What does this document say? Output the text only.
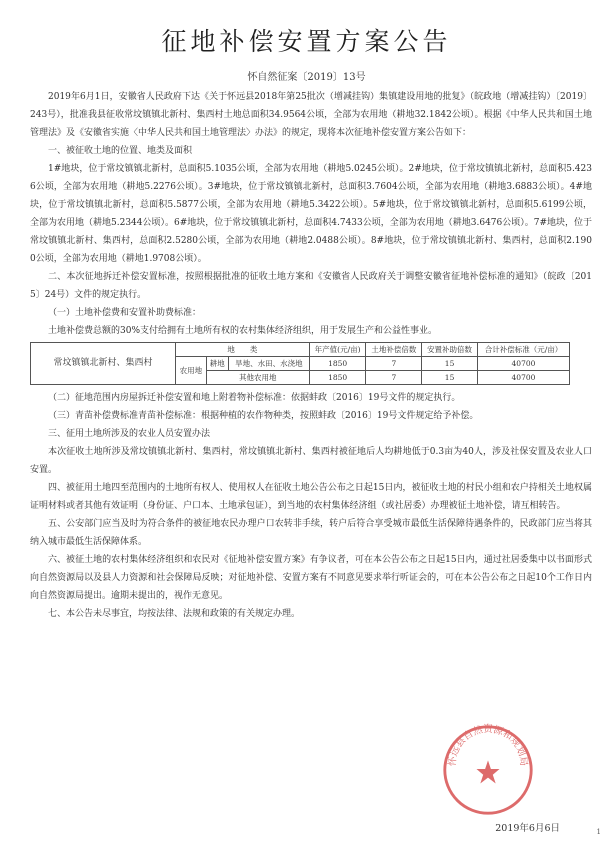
征地补偿安置方案公告
怀自然征案〔2019〕13号

2019年6月1日，安徽省人民政府下达《关于怀远县2018年第25批次（增减挂钩）集镇建设用地的批复》（皖政地（增减挂钩）〔2019〕243号），批准我县征收常坟镇镇北新村、集西村土地总面积34.9564公顷，全部为农用地（耕地32.1842公顷）。根据《中华人民共和国土地管理法》及《安徽省实施〈中华人民共和国土地管理法〉办法》的规定，现将本次征地补偿安置方案公告如下：

一、被征收土地的位置、地类及面积

1#地块，位于常坟镇镇北新村，总面积5.1035公顷，全部为农用地（耕地5.0245公顷）。2#地块，位于常坟镇镇北新村，总面积5.4236公顷，全部为农用地（耕地5.2276公顷）。3#地块，位于常坟镇镇北新村，总面积3.7604公顷，全部为农用地（耕地3.6883公顷）。4#地块，位于常坟镇镇北新村，总面积5.5877公顷，全部为农用地（耕地5.3422公顷）。5#地块，位于常坟镇镇北新村，总面积5.6199公顷，全部为农用地（耕地5.2344公顷）。6#地块，位于常坟镇镇北新村，总面积4.7433公顷，全部为农用地（耕地3.6476公顷）。7#地块，位于常坟镇镇北新村、集西村，总面积2.5280公顷，全部为农用地（耕地2.0488公顷）。8#地块，位于常坟镇镇北新村、集西村，总面积2.1900公顷，全部为农用地（耕地1.9708公顷）。

二、本次征地拆迁补偿安置标准，按照根据批准的征收土地方案和《安徽省人民政府关于调整安徽省征地补偿标准的通知》（皖政〔2015〕24号）文件的规定执行。

（一）土地补偿费和安置补助费标准：

土地补偿费总额的30%支付给拥有土地所有权的农村集体经济组织，用于发展生产和公益性事业。

常坟镇镇北新村、集西村	地　　类			年产值(元/亩)	土地补偿倍数	安置补助倍数	合计补偿标准（元/亩）
	农用地	耕地	旱地、水田、水浇地	1850	7	15	40700
		其他农用地		1850	7	15	40700

（二）征地范围内房屋拆迁补偿安置和地上附着物补偿标准：依据蚌政〔2016〕19号文件的规定执行。

（三）青苗补偿费标准青苗补偿标准：根据种植的农作物种类，按照蚌政〔2016〕19号文件规定给予补偿。

三、征用土地所涉及的农业人员安置办法

本次征收土地所涉及常坟镇镇北新村、集西村，常坟镇镇北新村、集西村被征地后人均耕地低于0.3亩为40人，涉及社保安置及农业人口安置。

四、被征用土地四至范围内的土地所有权人、使用权人在征收土地公告公布之日起15日内，被征收土地的村民小组和农户持相关土地权属证明材料或者其他有效证明（身份证、户口本、土地承包证），到当地的农村集体经济组（或社居委）办理被征土地补偿，请互相转告。

五、公安部门应当及时为符合条件的被征地农民办理户口农转非手续，转户后符合享受城市最低生活保障待遇条件的，民政部门应当将其纳入城市最低生活保障体系。

六、被征土地的农村集体经济组织和农民对《征地补偿安置方案》有争议者，可在本公告公布之日起15日内，通过社居委集中以书面形式向自然资源局以及县人力资源和社会保障局反映；对征地补偿、安置方案有不同意见要求举行听证会的，可在本公告公布之日起10个工作日内向自然资源局提出。逾期未提出的，视作无意见。

七、本公告未尽事宜，均按法律、法规和政策的有关规定办理。

怀远县自然资源和规划局
2019年6月6日	1
